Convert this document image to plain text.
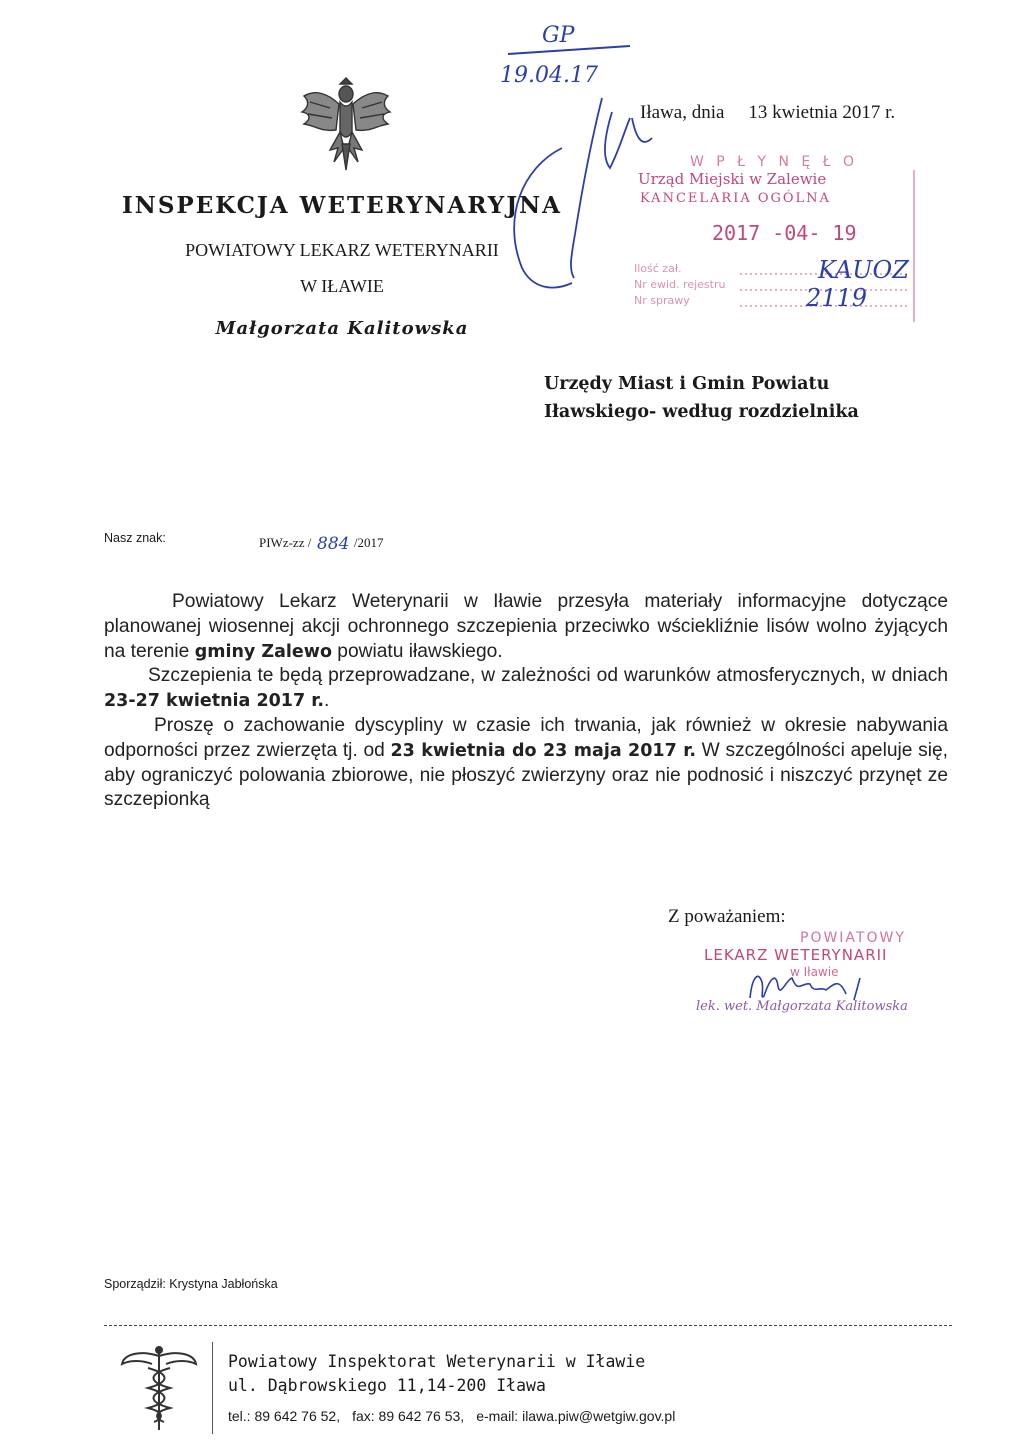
INSPEKCJA WETERYNARYJNA
POWIATOWY LEKARZ WETERYNARII
W IŁAWIE
Małgorzata Kalitowska
Iława, dnia 13 kwietnia 2017 r.
GP
19.04.17
W P Ł Y N Ę Ł O
Urząd Miejski w Zalewie
KANCELARIA OGÓLNA
2017 -04- 19
Ilość zał.
Nr ewid. rejestru
Nr sprawy
KAUOZ
2119
Urzędy Miast i Gmin Powiatu
Iławskiego- według rozdzielnika
Nasz znak:	PIWz-zz / 884 /2017

Powiatowy Lekarz Weterynarii w Iławie przesyła materiały informacyjne dotyczące planowanej wiosennej akcji ochronnego szczepienia przeciwko wściekliźnie lisów wolno żyjących na terenie gminy Zalewo powiatu iławskiego.

Szczepienia te będą przeprowadzane, w zależności od warunków atmosferycznych, w dniach 23-27 kwietnia 2017 r..

Proszę o zachowanie dyscypliny w czasie ich trwania, jak również w okresie nabywania odporności przez zwierzęta tj. od 23 kwietnia do 23 maja 2017 r. W szczególności apeluje się, aby ograniczyć polowania zbiorowe, nie płoszyć zwierzyny oraz nie podnosić i niszczyć przynęt ze szczepionką

Z poważaniem:
POWIATOWY
LEKARZ WETERYNARII
w Iławie
lek. wet. Małgorzata Kalitowska
Sporządził: Krystyna Jabłońska
Powiatowy Inspektorat Weterynarii w Iławie
ul. Dąbrowskiego 11,14-200 Iława
tel.: 89 642 76 52, fax: 89 642 76 53, e-mail: ilawa.piw@wetgiw.gov.pl
